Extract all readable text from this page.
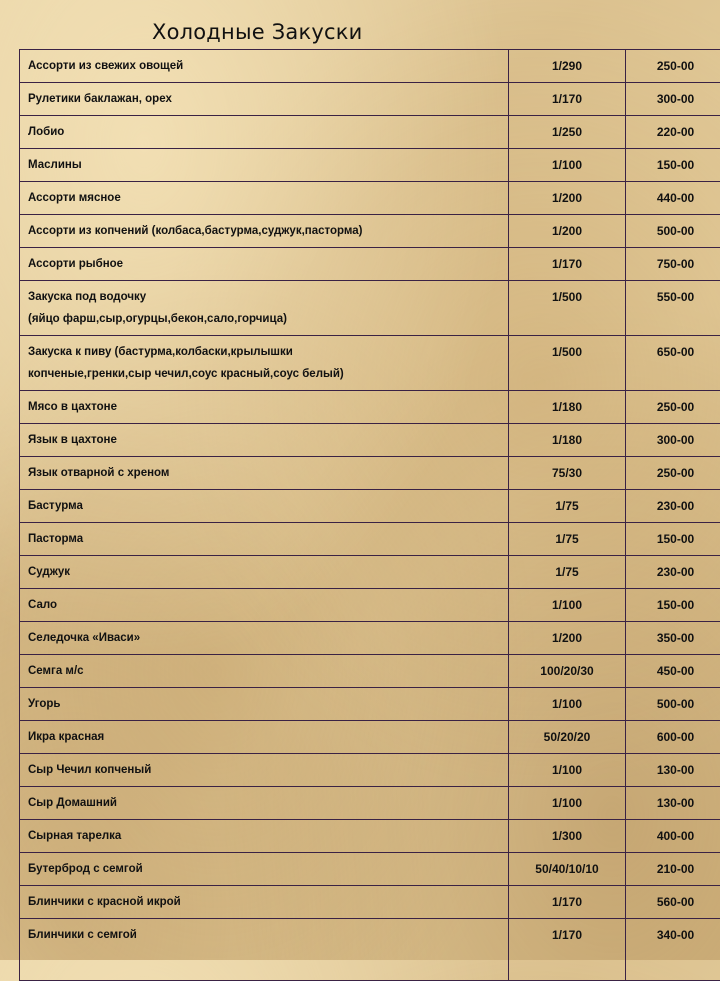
Холодные Закуски
Ассорти из свежих овощей	1/290	250-00
Рулетики баклажан, орех	1/170	300-00
Лобио	1/250	220-00
Маслины	1/100	150-00
Ассорти мясное	1/200	440-00
Ассорти из копчений (колбаса,бастурма,суджук,пасторма)	1/200	500-00
Ассорти рыбное	1/170	750-00
Закуска под водочку
(яйцо фарш,сыр,огурцы,бекон,сало,горчица)	1/500	550-00
Закуска к пиву (бастурма,колбаски,крылышки
копченые,гренки,сыр чечил,соус красный,соус белый)	1/500	650-00
Мясо в цахтоне	1/180	250-00
Язык в цахтоне	1/180	300-00
Язык отварной с хреном	75/30	250-00
Бастурма	1/75	230-00
Пасторма	1/75	150-00
Суджук	1/75	230-00
Сало	1/100	150-00
Селедочка «Иваси»	1/200	350-00
Семга м/с	100/20/30	450-00
Угорь	1/100	500-00
Икра красная	50/20/20	600-00
Сыр Чечил копченый	1/100	130-00
Сыр Домашний	1/100	130-00
Сырная тарелка	1/300	400-00
Бутерброд с семгой	50/40/10/10	210-00
Блинчики с красной икрой	1/170	560-00
Блинчики с семгой	1/170	340-00
